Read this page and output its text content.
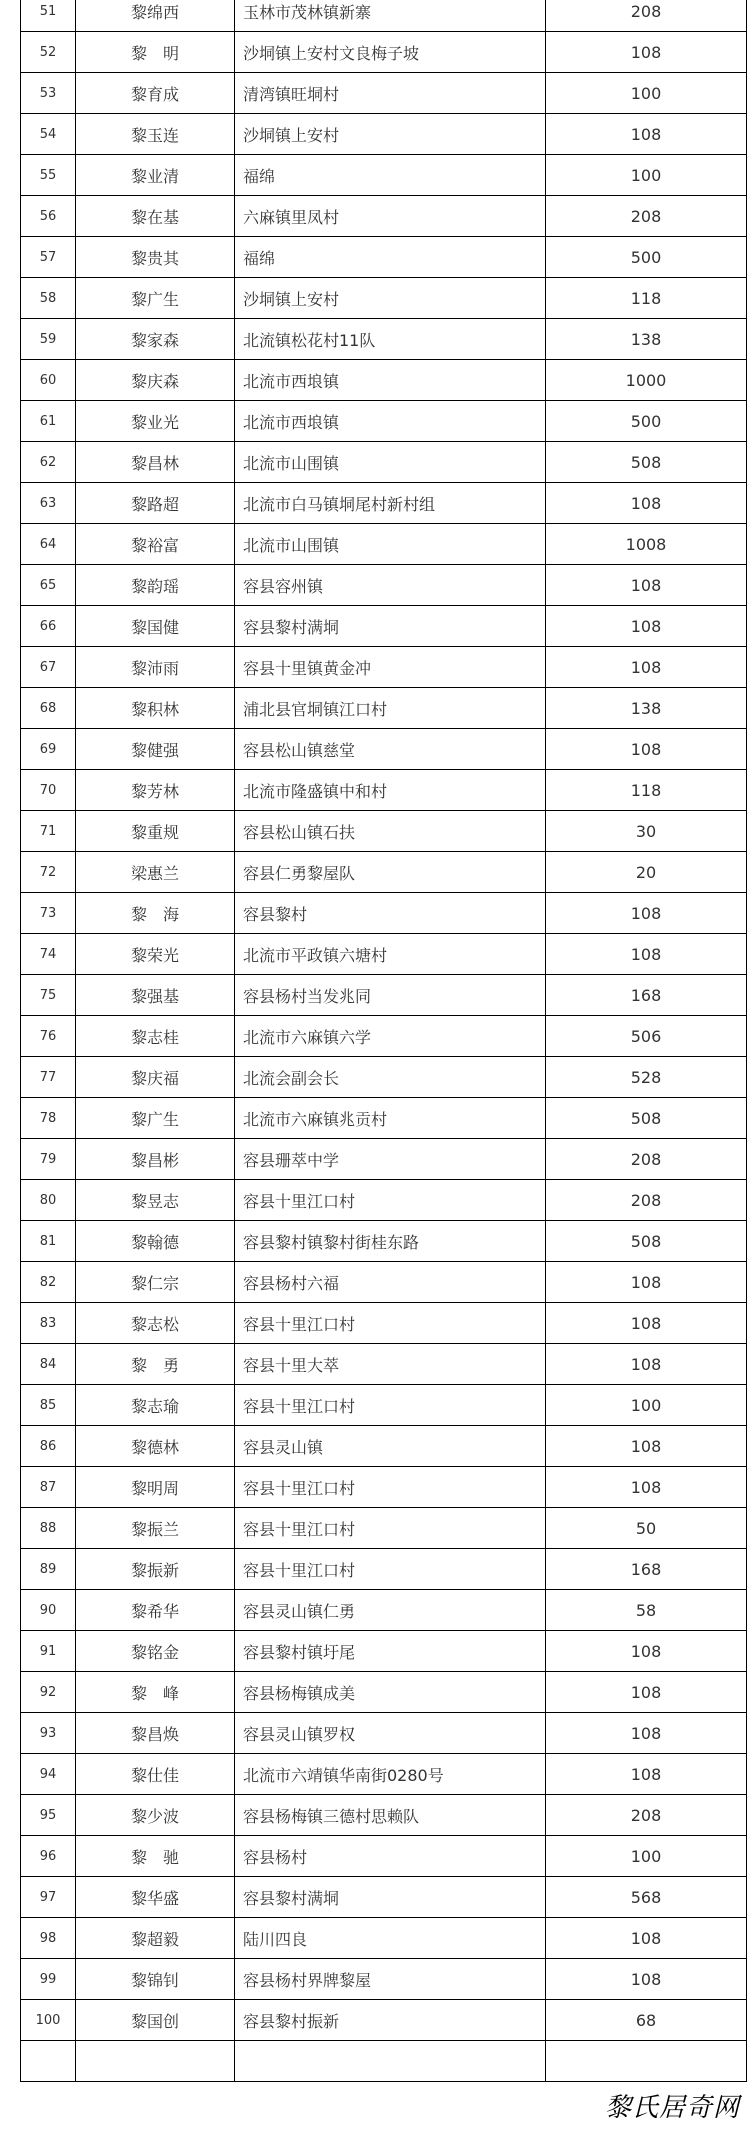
51	黎绵西	玉林市茂林镇新寨	208
52	黎　明	沙垌镇上安村文良梅子坡	108
53	黎育成	清湾镇旺垌村	100
54	黎玉连	沙垌镇上安村	108
55	黎业清	福绵	100
56	黎在基	六麻镇里凤村	208
57	黎贵其	福绵	500
58	黎广生	沙垌镇上安村	118
59	黎家森	北流镇松花村11队	138
60	黎庆森	北流市西埌镇	1000
61	黎业光	北流市西埌镇	500
62	黎昌林	北流市山围镇	508
63	黎路超	北流市白马镇垌尾村新村组	108
64	黎裕富	北流市山围镇	1008
65	黎韵瑶	容县容州镇	108
66	黎国健	容县黎村满垌	108
67	黎沛雨	容县十里镇黄金冲	108
68	黎积林	浦北县官垌镇江口村	138
69	黎健强	容县松山镇慈堂	108
70	黎芳林	北流市隆盛镇中和村	118
71	黎重规	容县松山镇石扶	30
72	梁惠兰	容县仁勇黎屋队	20
73	黎　海	容县黎村	108
74	黎荣光	北流市平政镇六塘村	108
75	黎强基	容县杨村当发兆同	168
76	黎志桂	北流市六麻镇六学	506
77	黎庆福	北流会副会长	528
78	黎广生	北流市六麻镇兆贡村	508
79	黎昌彬	容县珊萃中学	208
80	黎昱志	容县十里江口村	208
81	黎翰德	容县黎村镇黎村街桂东路	508
82	黎仁宗	容县杨村六福	108
83	黎志松	容县十里江口村	108
84	黎　勇	容县十里大萃	108
85	黎志瑜	容县十里江口村	100
86	黎德林	容县灵山镇	108
87	黎明周	容县十里江口村	108
88	黎振兰	容县十里江口村	50
89	黎振新	容县十里江口村	168
90	黎希华	容县灵山镇仁勇	58
91	黎铭金	容县黎村镇圩尾	108
92	黎　峰	容县杨梅镇成美	108
93	黎昌焕	容县灵山镇罗权	108
94	黎仕佳	北流市六靖镇华南街0280号	108
95	黎少波	容县杨梅镇三德村思赖队	208
96	黎　驰	容县杨村	100
97	黎华盛	容县黎村满垌	568
98	黎超毅	陆川四良	108
99	黎锦钊	容县杨村界牌黎屋	108
100	黎国创	容县黎村振新	68

黎氏居奇网
